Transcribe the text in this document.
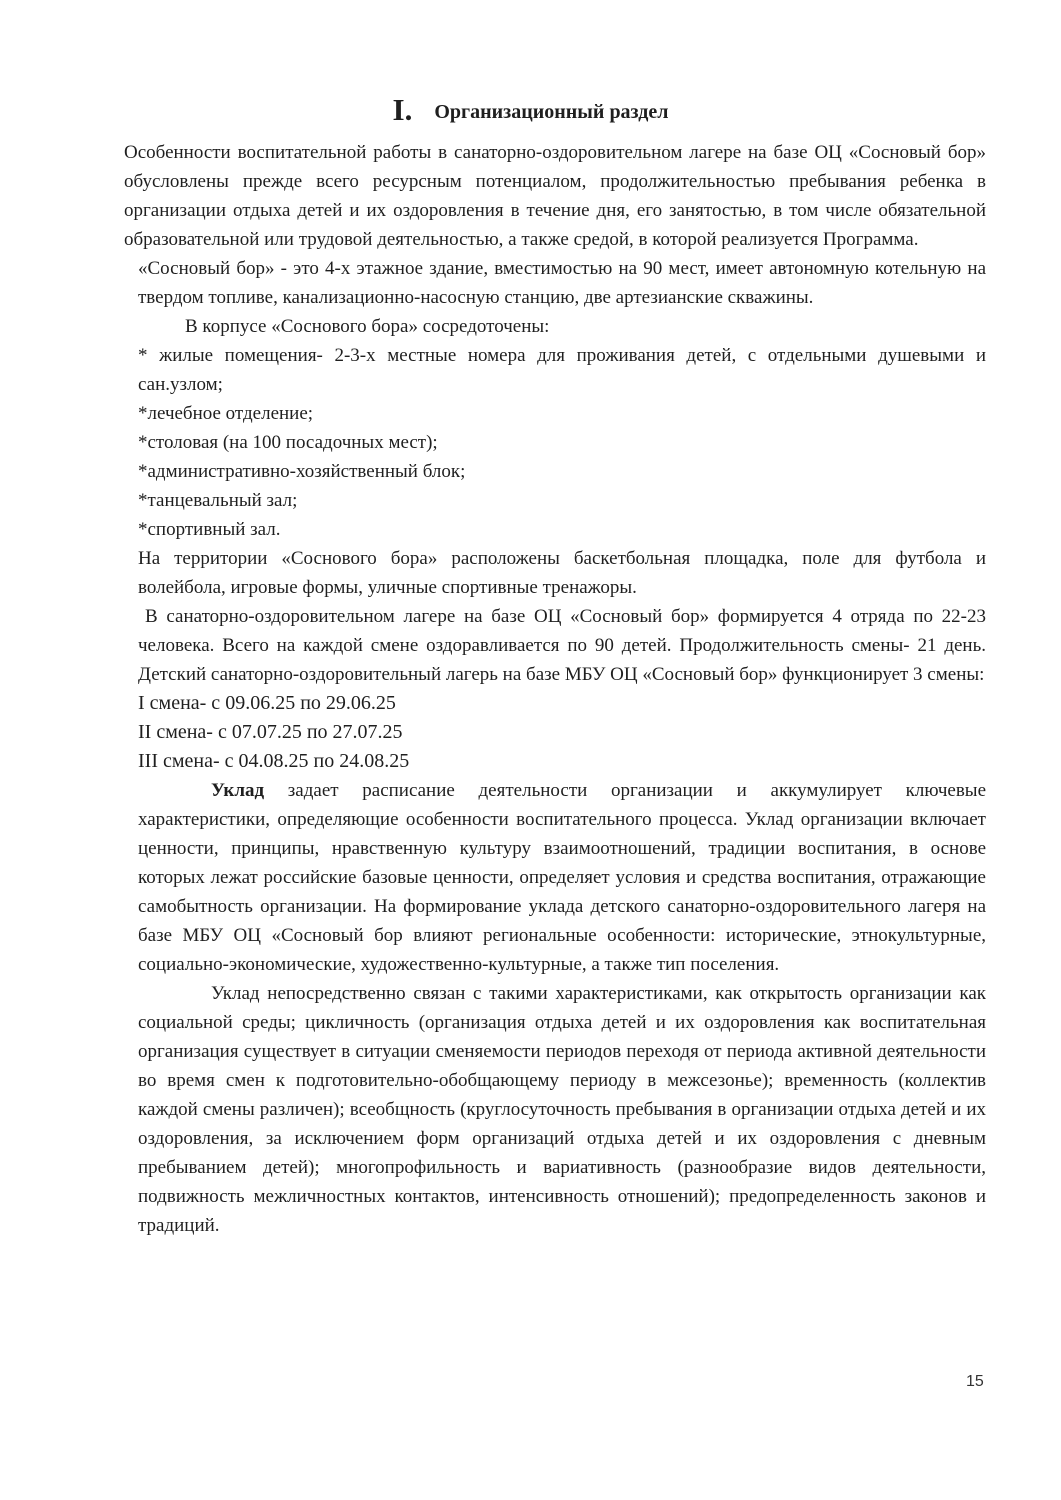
I. Организационный раздел

Особенности воспитательной работы в санаторно-оздоровительном лагере на базе ОЦ «Сосновый бор» обусловлены прежде всего ресурсным потенциалом, продолжительностью пребывания ребенка в организации отдыха детей и их оздоровления в течение дня, его занятостью, в том числе обязательной образовательной или трудовой деятельностью, а также средой, в которой реализуется Программа.

«Сосновый бор» - это 4-х этажное здание, вместимостью на 90 мест, имеет автономную котельную на твердом топливе, канализационно-насосную станцию, две артезианские скважины.

В корпусе «Соснового бора» сосредоточены:

* жилые помещения- 2-3-х местные номера для проживания детей, с отдельными душевыми и сан.узлом;

*лечебное отделение;

*столовая (на 100 посадочных мест);

*административно-хозяйственный блок;

*танцевальный зал;

*спортивный зал.

На территории «Соснового бора» расположены баскетбольная площадка, поле для футбола и волейбола, игровые формы, уличные спортивные тренажоры.

В санаторно-оздоровительном лагере на базе ОЦ «Сосновый бор» формируется 4 отряда по 22-23 человека. Всего на каждой смене оздоравливается по 90 детей. Продолжительность смены- 21 день. Детский санаторно-оздоровительный лагерь на базе МБУ ОЦ «Сосновый бор» функционирует 3 смены:

I смена- с 09.06.25 по 29.06.25

II смена- с 07.07.25 по 27.07.25

III смена- с 04.08.25 по 24.08.25

Уклад задает расписание деятельности организации и аккумулирует ключевые характеристики, определяющие особенности воспитательного процесса. Уклад организации включает ценности, принципы, нравственную культуру взаимоотношений, традиции воспитания, в основе которых лежат российские базовые ценности, определяет условия и средства воспитания, отражающие самобытность организации. На формирование уклада детского санаторно-оздоровительного лагеря на базе МБУ ОЦ «Сосновый бор влияют региональные особенности: исторические, этнокультурные, социально-экономические, художественно-культурные, а также тип поселения.

Уклад непосредственно связан с такими характеристиками, как открытость организации как социальной среды; цикличность (организация отдыха детей и их оздоровления как воспитательная организация существует в ситуации сменяемости периодов переходя от периода активной деятельности во время смен к подготовительно-обобщающему периоду в межсезонье); временность (коллектив каждой смены различен); всеобщность (круглосуточность пребывания в организации отдыха детей и их оздоровления, за исключением форм организаций отдыха детей и их оздоровления с дневным пребыванием детей); многопрофильность и вариативность (разнообразие видов деятельности, подвижность межличностных контактов, интенсивность отношений); предопределенность законов и традиций.

15
